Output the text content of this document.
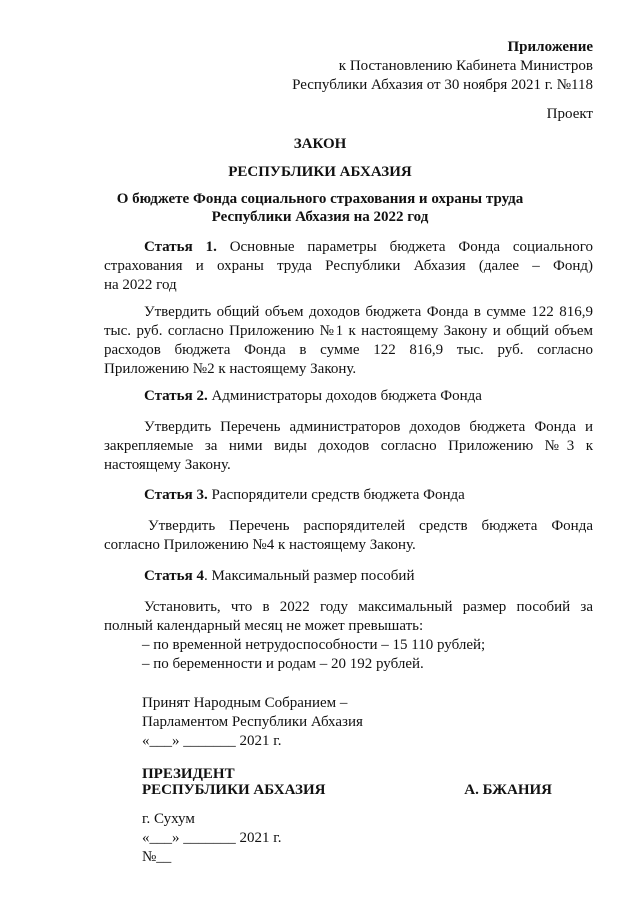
Приложение
к Постановлению Кабинета Министров
Республики Абхазия от 30 ноября 2021 г. №118
Проект
ЗАКОН
РЕСПУБЛИКИ АБХАЗИЯ
О бюджете Фонда социального страхования и охраны труда
Республики Абхазия на 2022 год
Статья 1. Основные параметры бюджета Фонда социального
страхования и охраны труда Республики Абхазия (далее – Фонд)
на 2022 год
Утвердить общий объем доходов бюджета Фонда в сумме 122 816,9
тыс. руб. согласно Приложению №1 к настоящему Закону и общий объем
расходов бюджета Фонда в сумме 122 816,9 тыс. руб. согласно
Приложению №2 к настоящему Закону.
Статья 2. Администраторы доходов бюджета Фонда
Утвердить Перечень администраторов доходов бюджета Фонда и
закрепляемые за ними виды доходов согласно Приложению №3 к
настоящему Закону.
Статья 3. Распорядители средств бюджета Фонда
Утвердить Перечень распорядителей средств бюджета Фонда
согласно Приложению №4 к настоящему Закону.
Статья 4. Максимальный размер пособий
Установить, что в 2022 году максимальный размер пособий за
полный календарный месяц не может превышать:
– по временной нетрудоспособности – 15 110 рублей;
– по беременности и родам – 20 192 рублей.
Принят Народным Собранием –
Парламентом Республики Абхазия
«___» _______ 2021 г.
ПРЕЗИДЕНТ
РЕСПУБЛИКИ АБХАЗИЯ	А. БЖАНИЯ
г. Сухум
«___» _______ 2021 г.
№__
